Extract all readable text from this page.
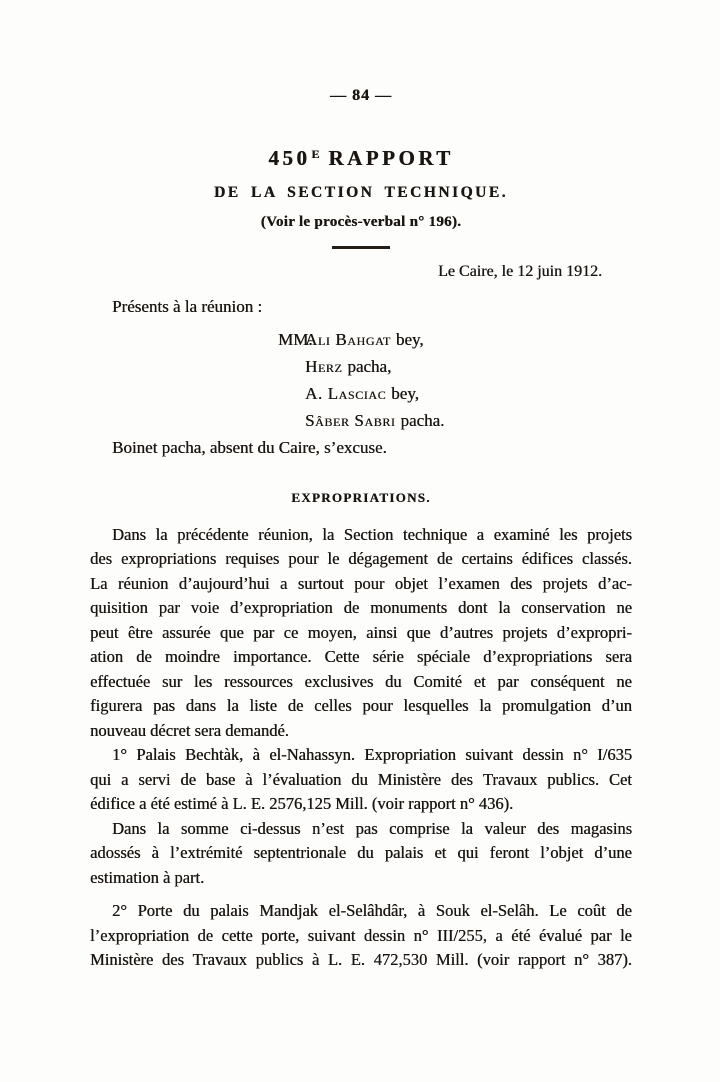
— 84 —
$450^E$ RAPPORT
DE LA SECTION TECHNIQUE.
(Voir le procès-verbal n° 196).
Le Caire, le 12 juin 1912.
Présents à la réunion :
MM.
Ali Bahgat bey,
Herz pacha,
A. Lasciac bey,
Sâber Sabri pacha.
Boinet pacha, absent du Caire, s’excuse.
EXPROPRIATIONS.
Dans la précédente réunion, la Section technique a examiné les projets
des expropriations requises pour le dégagement de certains édifices classés.
La réunion d’aujourd’hui a surtout pour objet l’examen des projets d’ac-
quisition par voie d’expropriation de monuments dont la conservation ne
peut être assurée que par ce moyen, ainsi que d’autres projets d’expropri-
ation de moindre importance. Cette série spéciale d’expropriations sera
effectuée sur les ressources exclusives du Comité et par conséquent ne
figurera pas dans la liste de celles pour lesquelles la promulgation d’un
nouveau décret sera demandé.
1° Palais Bechtàk, à el-Nahassyn. Expropriation suivant dessin n° I/635
qui a servi de base à l’évaluation du Ministère des Travaux publics. Cet
édifice a été estimé à L. E. 2576,125 Mill. (voir rapport n° 436).
Dans la somme ci-dessus n’est pas comprise la valeur des magasins
adossés à l’extrémité septentrionale du palais et qui feront l’objet d’une
estimation à part.
2° Porte du palais Mandjak el-Selâhdâr, à Souk el-Selâh. Le coût de
l’expropriation de cette porte, suivant dessin n° III/255, a été évalué par le
Ministère des Travaux publics à L. E. 472,530 Mill. (voir rapport n° 387).
